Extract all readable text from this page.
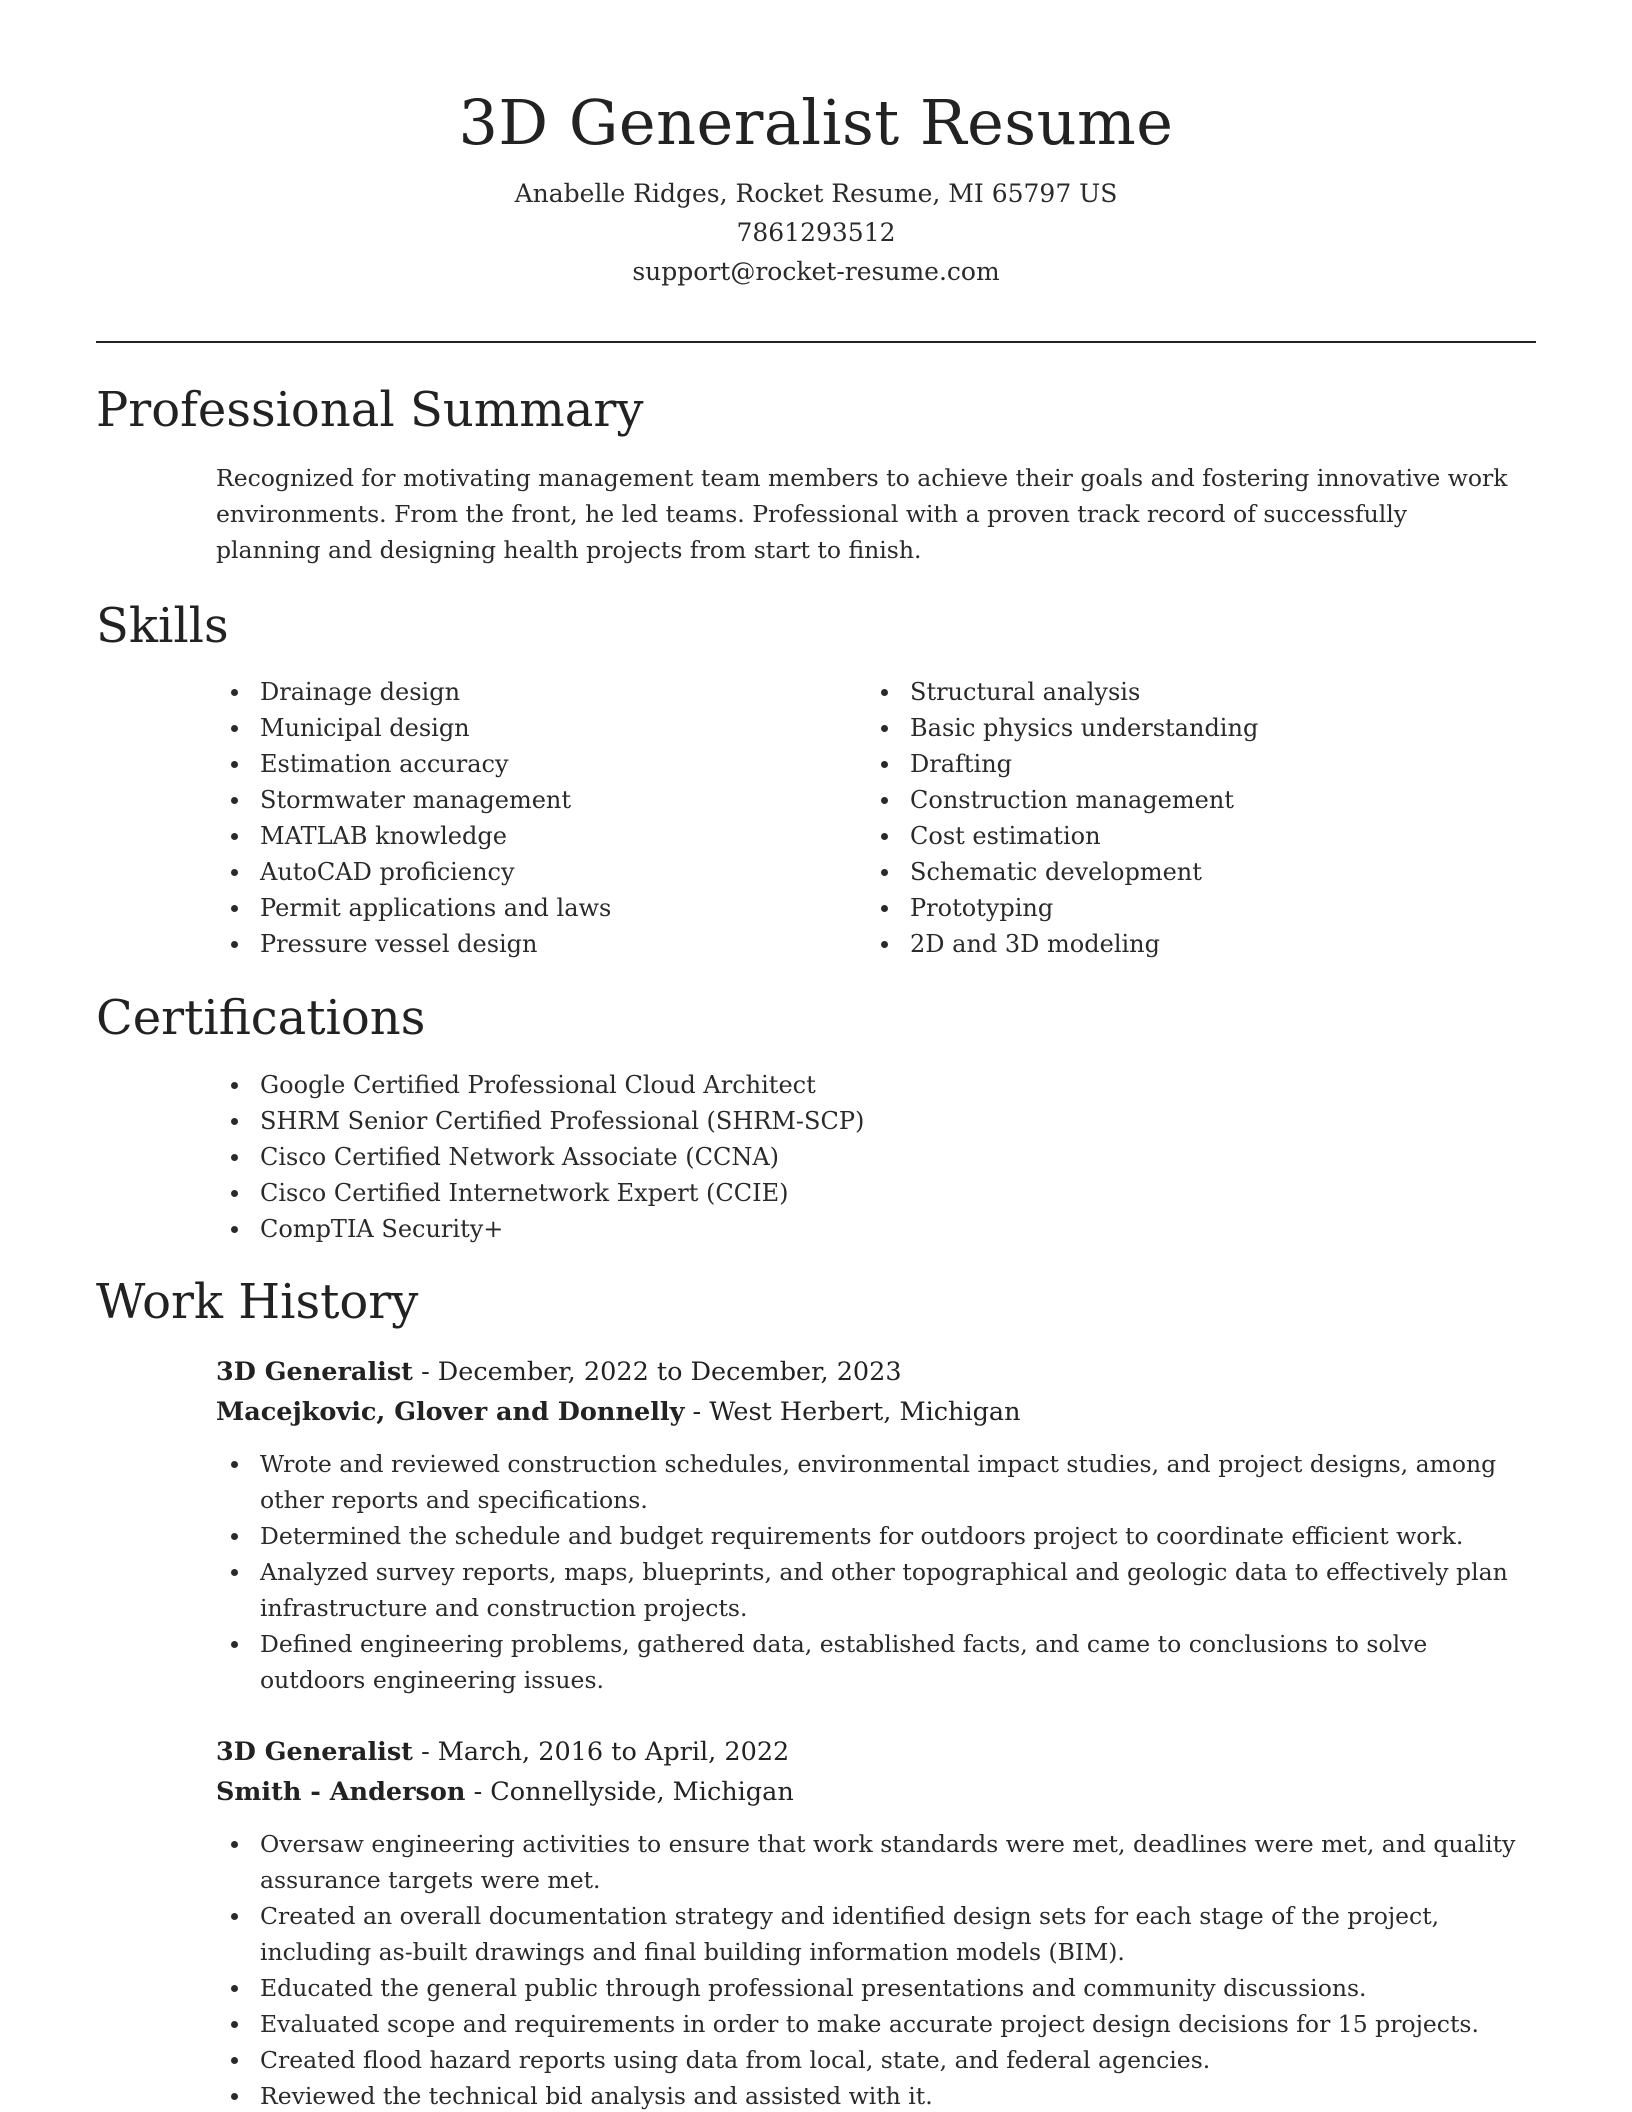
3D Generalist Resume
Anabelle Ridges, Rocket Resume, MI 65797 US
7861293512
support@rocket-resume.com
Professional Summary

Recognized for motivating management team members to achieve their goals and fostering innovative work environments. From the front, he led teams. Professional with a proven track record of successfully planning and designing health projects from start to finish.

Skills
Drainage design
Municipal design
Estimation accuracy
Stormwater management
MATLAB knowledge
AutoCAD proficiency
Permit applications and laws
Pressure vessel design
Structural analysis
Basic physics understanding
Drafting
Construction management
Cost estimation
Schematic development
Prototyping
2D and 3D modeling
Certifications
Google Certified Professional Cloud Architect
SHRM Senior Certified Professional (SHRM-SCP)
Cisco Certified Network Associate (CCNA)
Cisco Certified Internetwork Expert (CCIE)
CompTIA Security+
Work History
3D Generalist - December, 2022 to December, 2023
Macejkovic, Glover and Donnelly - West Herbert, Michigan
Wrote and reviewed construction schedules, environmental impact studies, and project designs, among other reports and specifications.
Determined the schedule and budget requirements for outdoors project to coordinate efficient work.
Analyzed survey reports, maps, blueprints, and other topographical and geologic data to effectively plan infrastructure and construction projects.
Defined engineering problems, gathered data, established facts, and came to conclusions to solve outdoors engineering issues.
3D Generalist - March, 2016 to April, 2022
Smith - Anderson - Connellyside, Michigan
Oversaw engineering activities to ensure that work standards were met, deadlines were met, and quality assurance targets were met.
Created an overall documentation strategy and identified design sets for each stage of the project, including as-built drawings and final building information models (BIM).
Educated the general public through professional presentations and community discussions.
Evaluated scope and requirements in order to make accurate project design decisions for 15 projects.
Created flood hazard reports using data from local, state, and federal agencies.
Reviewed the technical bid analysis and assisted with it.
